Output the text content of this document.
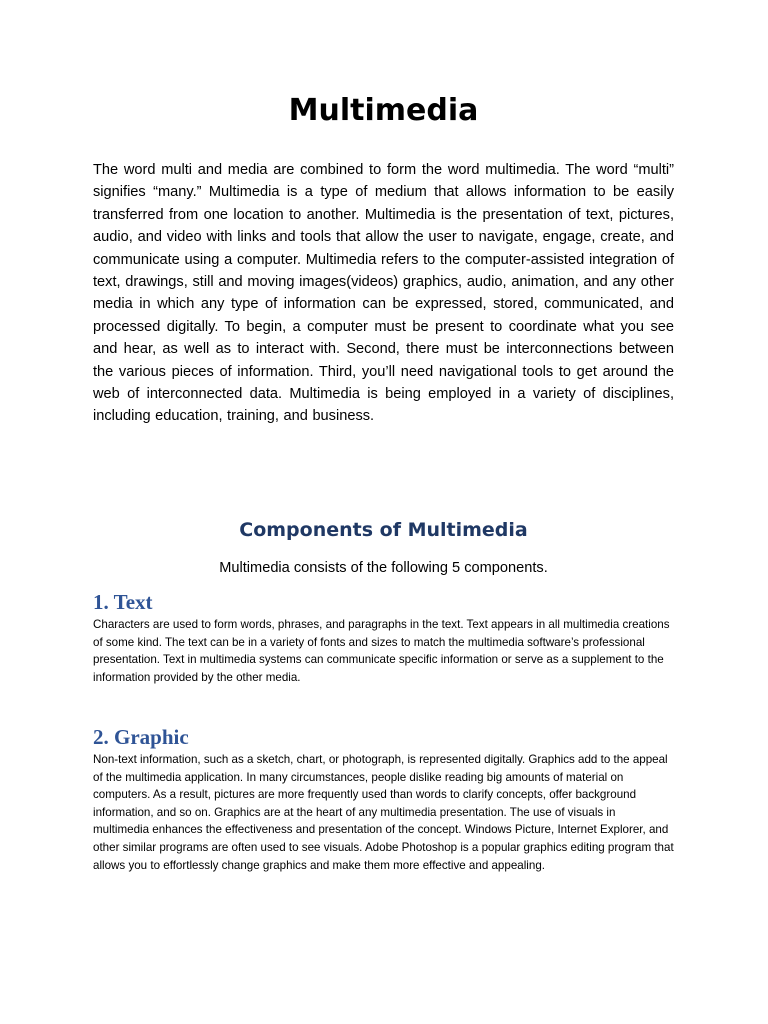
Multimedia

The word multi and media are combined to form the word multimedia. The word “multi” signifies “many.” Multimedia is a type of medium that allows information to be easily transferred from one location to another. Multimedia is the presentation of text, pictures, audio, and video with links and tools that allow the user to navigate, engage, create, and communicate using a computer. Multimedia refers to the computer-assisted integration of text, drawings, still and moving images(videos) graphics, audio, animation, and any other media in which any type of information can be expressed, stored, communicated, and processed digitally. To begin, a computer must be present to coordinate what you see and hear, as well as to interact with. Second, there must be interconnections between the various pieces of information. Third, you’ll need navigational tools to get around the web of interconnected data. Multimedia is being employed in a variety of disciplines, including education, training, and business.

Components of Multimedia

Multimedia consists of the following 5 components.

1. Text

Characters are used to form words, phrases, and paragraphs in the text. Text appears in all multimedia creations of some kind. The text can be in a variety of fonts and sizes to match the multimedia software’s professional presentation. Text in multimedia systems can communicate specific information or serve as a supplement to the information provided by the other media.

2. Graphic

Non-text information, such as a sketch, chart, or photograph, is represented digitally. Graphics add to the appeal of the multimedia application. In many circumstances, people dislike reading big amounts of material on computers. As a result, pictures are more frequently used than words to clarify concepts, offer background information, and so on. Graphics are at the heart of any multimedia presentation. The use of visuals in multimedia enhances the effectiveness and presentation of the concept. Windows Picture, Internet Explorer, and other similar programs are often used to see visuals. Adobe Photoshop is a popular graphics editing program that allows you to effortlessly change graphics and make them more effective and appealing.
